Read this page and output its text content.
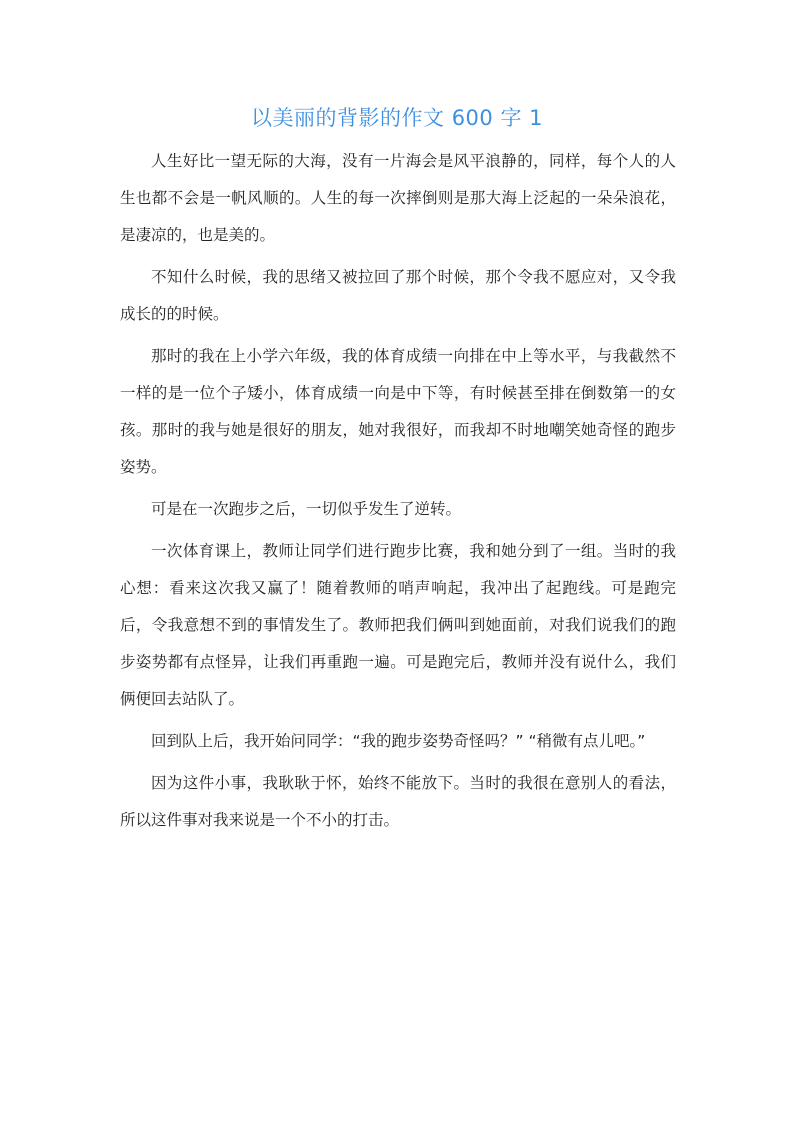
以美丽的背影的作文 600 字 1

人生好比一望无际的大海，没有一片海会是风平浪静的，同样，每个人的人生也都不会是一帆风顺的。人生的每一次摔倒则是那大海上泛起的一朵朵浪花，是凄凉的，也是美的。

不知什么时候，我的思绪又被拉回了那个时候，那个令我不愿应对，又令我成长的的时候。

那时的我在上小学六年级，我的体育成绩一向排在中上等水平，与我截然不一样的是一位个子矮小，体育成绩一向是中下等，有时候甚至排在倒数第一的女孩。那时的我与她是很好的朋友，她对我很好，而我却不时地嘲笑她奇怪的跑步姿势。

可是在一次跑步之后，一切似乎发生了逆转。

一次体育课上，教师让同学们进行跑步比赛，我和她分到了一组。当时的我心想：看来这次我又赢了！随着教师的哨声响起，我冲出了起跑线。可是跑完后，令我意想不到的事情发生了。教师把我们俩叫到她面前，对我们说我们的跑步姿势都有点怪异，让我们再重跑一遍。可是跑完后，教师并没有说什么，我们俩便回去站队了。

回到队上后，我开始问同学：“我的跑步姿势奇怪吗？” “稍微有点儿吧。”

因为这件小事，我耿耿于怀，始终不能放下。当时的我很在意别人的看法，所以这件事对我来说是一个不小的打击。
